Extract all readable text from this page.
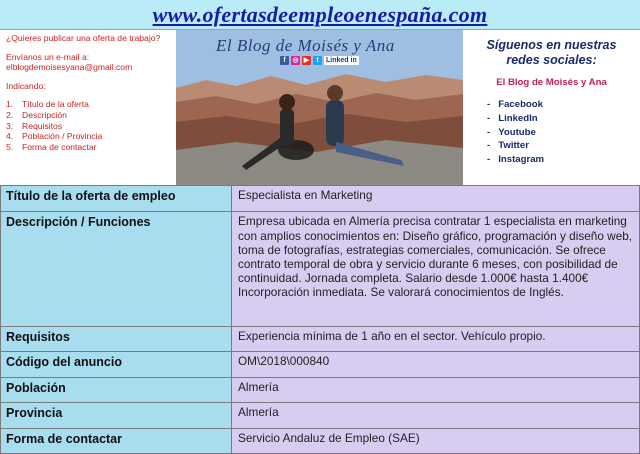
www.ofertasdeempleoenespaña.com

¿Quieres publicar una oferta de trabajo?

Envíanos un e-mail a:

elblogdemoisesyana@gmail.com

Indicando:

1.	Título de la oferta
2.	Descripción
3.	Requisitos
4.	Población / Provincia
5.	Forma de contactar
El Blog de Moisés y Ana
f ◎ ▶	t	Linked in
Síguenos en nuestras redes sociales:
El Blog de Moisés y Ana
- Facebook
- LinkedIn
- Youtube
- Twitter
- Instagram
Título de la oferta de empleo	Especialista en Marketing
Descripción / Funciones	Empresa ubicada en Almería precisa contratar 1 especialista en marketing con amplios conocimientos en: Diseño gráfico, programación y diseño web, toma de fotografías, estrategias comerciales, comunicación. Se ofrece contrato temporal de obra y servicio durante 6 meses, con posibilidad de continuidad. Jornada completa. Salario desde 1.000€ hasta 1.400€ Incorporación inmediata. Se valorará conocimientos de Inglés.
Requisitos	Experiencia mínima de 1 año en el sector. Vehículo propio.
Código del anuncio	OM\2018\000840
Población	Almería
Provincia	Almería
Forma de contactar	Servicio Andaluz de Empleo (SAE)
